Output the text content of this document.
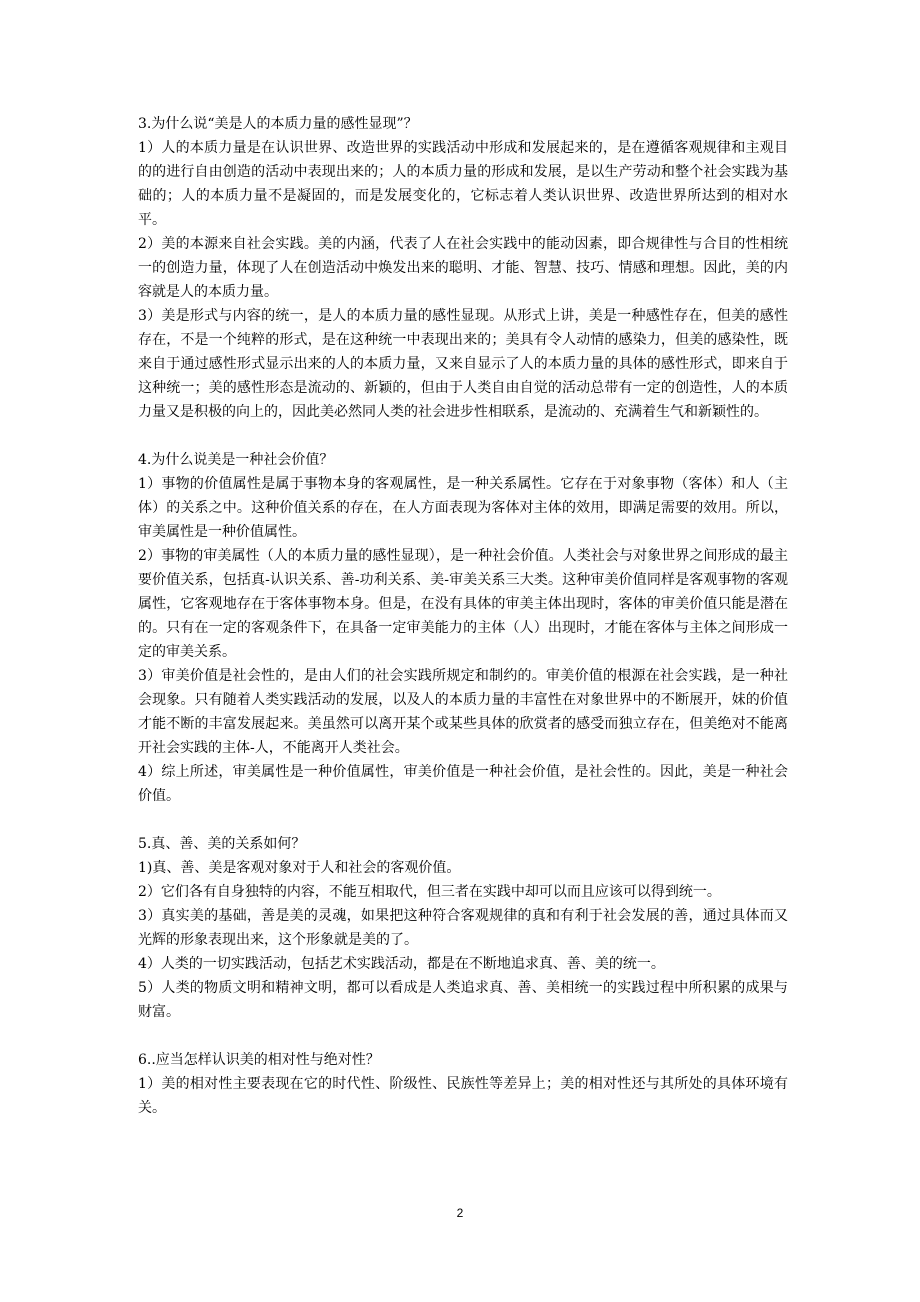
3.为什么说“美是人的本质力量的感性显现”？

1）人的本质力量是在认识世界、改造世界的实践活动中形成和发展起来的，是在遵循客观规律和主观目的的进行自由创造的活动中表现出来的；人的本质力量的形成和发展，是以生产劳动和整个社会实践为基础的；人的本质力量不是凝固的，而是发展变化的，它标志着人类认识世界、改造世界所达到的相对水平。

2）美的本源来自社会实践。美的内涵，代表了人在社会实践中的能动因素，即合规律性与合目的性相统一的创造力量，体现了人在创造活动中焕发出来的聪明、才能、智慧、技巧、情感和理想。因此，美的内容就是人的本质力量。

3）美是形式与内容的统一，是人的本质力量的感性显现。从形式上讲，美是一种感性存在，但美的感性存在，不是一个纯粹的形式，是在这种统一中表现出来的；美具有令人动情的感染力，但美的感染性，既来自于通过感性形式显示出来的人的本质力量，又来自显示了人的本质力量的具体的感性形式，即来自于这种统一；美的感性形态是流动的、新颖的，但由于人类自由自觉的活动总带有一定的创造性，人的本质力量又是积极的向上的，因此美必然同人类的社会进步性相联系，是流动的、充满着生气和新颖性的。

4.为什么说美是一种社会价值？

1）事物的价值属性是属于事物本身的客观属性，是一种关系属性。它存在于对象事物（客体）和人（主体）的关系之中。这种价值关系的存在，在人方面表现为客体对主体的效用，即满足需要的效用。所以，审美属性是一种价值属性。

2）事物的审美属性（人的本质力量的感性显现），是一种社会价值。人类社会与对象世界之间形成的最主要价值关系，包括真-认识关系、善-功利关系、美-审美关系三大类。这种审美价值同样是客观事物的客观属性，它客观地存在于客体事物本身。但是，在没有具体的审美主体出现时，客体的审美价值只能是潜在的。只有在一定的客观条件下，在具备一定审美能力的主体（人）出现时，才能在客体与主体之间形成一定的审美关系。

3）审美价值是社会性的，是由人们的社会实践所规定和制约的。审美价值的根源在社会实践，是一种社会现象。只有随着人类实践活动的发展，以及人的本质力量的丰富性在对象世界中的不断展开，妹的价值才能不断的丰富发展起来。美虽然可以离开某个或某些具体的欣赏者的感受而独立存在，但美绝对不能离开社会实践的主体-人，不能离开人类社会。

4）综上所述，审美属性是一种价值属性，审美价值是一种社会价值，是社会性的。因此，美是一种社会价值。

5.真、善、美的关系如何？

1)真、善、美是客观对象对于人和社会的客观价值。

2）它们各有自身独特的内容，不能互相取代，但三者在实践中却可以而且应该可以得到统一。

3）真实美的基础，善是美的灵魂，如果把这种符合客观规律的真和有利于社会发展的善，通过具体而又光辉的形象表现出来，这个形象就是美的了。

4）人类的一切实践活动，包括艺术实践活动，都是在不断地追求真、善、美的统一。

5）人类的物质文明和精神文明，都可以看成是人类追求真、善、美相统一的实践过程中所积累的成果与财富。

6..应当怎样认识美的相对性与绝对性？

1）美的相对性主要表现在它的时代性、阶级性、民族性等差异上；美的相对性还与其所处的具体环境有关。

2
